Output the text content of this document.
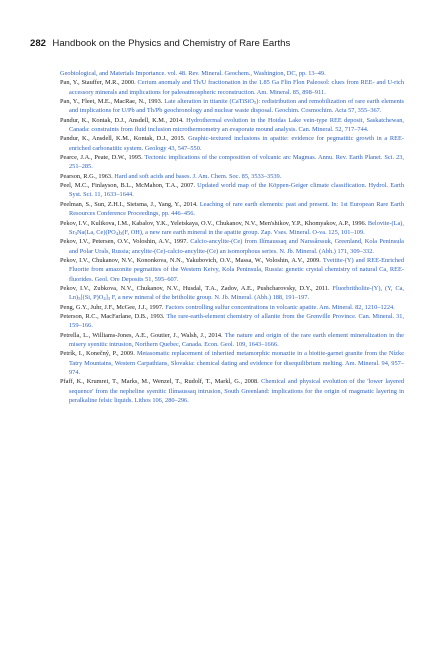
282 Handbook on the Physics and Chemistry of Rare Earths

Geobiological, and Materials Importance. vol. 48. Rev. Mineral. Geochem., Washington, DC, pp. 13–49.

Pan, Y., Stauffer, M.R., 2000. Cerium anomaly and Th/U fractionation in the 1.85 Ga Flin Flon Paleosol: clues from REE- and U-rich accessory minerals and implications for paleoatmospheric reconstruction. Am. Mineral. 85, 898–911.

Pan, Y., Fleet, M.E., MacRae, N., 1993. Late alteration in titanite (CaTiSiO$_5$): redistribution and remobilization of rare earth elements and implications for U/Pb and Th/Pb geochronology and nuclear waste disposal. Geochim. Cosmochim. Acta 57, 355–367.

Pandur, K., Kontak, D.J., Ansdell, K.M., 2014. Hydrothermal evolution in the Hoidas Lake vein-type REE deposit, Saskatchewan, Canada: constraints from fluid inclusion microthermometry an evaporate mound analysis. Can. Mineral. 52, 717–744.

Pandur, K., Ansdell, K.M., Kontak, D.J., 2015. Graphic-textured inclusions in apatite: evidence for pegmatitic growth in a REE-enriched carbonatitic system. Geology 43, 547–550.

Pearce, J.A., Peate, D.W., 1995. Tectonic implications of the composition of volcanic arc Magmas. Annu. Rev. Earth Planet. Sci. 23, 251–285.

Pearson, R.G., 1963. Hard and soft acids and bases. J. Am. Chem. Soc. 85, 3533–3539.

Peel, M.C., Finlayson, B.L., McMahon, T.A., 2007. Updated world map of the Köppen-Geiger climate classification. Hydrol. Earth Syst. Sci. 11, 1633–1644.

Peelman, S., Sun, Z.H.I., Sietsma, J., Yang, Y., 2014. Leaching of rare earth elements: past and present. In: 1st European Rare Earth Resources Conference Proceedings, pp. 446–456.

Pekov, I.V., Kulikova, I.M., Kabalov, Y.K., Yeletskaya, O.V., Chukanov, N.V., Men'shikov, Y.P., Khomyakov, A.P., 1996. Belovite-(La), $Sr_3Na(La$, $Ce)(PO_4)_3(F$, OH), a new rare earth mineral in the apatite group. Zap. Vses. Mineral. O-va. 125, 101–109.

Pekov, I.V., Petersen, O.V., Voloshin, A.V., 1997. Calcio-ancylite-(Ce) from Ilímaussaq and Narssârssuk, Greenland, Kola Peninsula and Polar Urals, Russia; ancylite-(Ce)-calcio-ancylite-(Ce) an isomorphous series. N. Jb. Mineral. (Abh.) 171, 309–332.

Pekov, I.V., Chukanov, N.V., Kononkova, N.N., Yakubovich, O.V., Massa, W., Voloshin, A.V., 2009. Tveitite-(Y) and REE-Enriched Fluorite from amazonite pegmatites of the Western Keivy, Kola Peninsula, Russia: genetic crystal chemistry of natural Ca, REE-fluorides. Geol. Ore Deposits 51, 595–607.

Pekov, I.V., Zubkova, N.V., Chukanov, N.V., Husdal, T.A., Zadov, A.E., Pushcharovsky, D.Y., 2011. Fluorbritholite-(Y), (Y, Ca, $Ln)_5[(Si$, $P)O_4]_3$ F, a new mineral of the britholite group. N. Jb. Mineral. (Abh.) 188, 191–197.

Peng, G.Y., Juhr, J.F., McGee, J.J., 1997. Factors controlling sulfur concentrations in volcanic apatite. Am. Mineral. 82, 1210–1224.

Peterson, R.C., MacFarlane, D.B., 1993. The rare-earth-element chemistry of allanite from the Grenville Province. Can. Mineral. 31, 159–166.

Petrella, L., Williams-Jones, A.E., Goutier, J., Walsh, J., 2014. The nature and origin of the rare earth element mineralization in the misery syenitic intrusion, Northern Quebec, Canada. Econ. Geol. 109, 1643–1666.

Petrík, I., Konečný, P., 2009. Metasomatic replacement of inherited metamorphic monazite in a biotite-garnet granite from the Nízke Tatry Mountains, Western Carpathians, Slovakia: chemical dating and evidence for disequilibrium melting. Am. Mineral. 94, 957–974.

Pfaff, K., Krumrei, T., Marks, M., Wenzel, T., Rudolf, T., Markl, G., 2008. Chemical and physical evolution of the 'lower layered sequence' from the nepheline syenitic Ilímaussaq intrusion, South Greenland: implications for the origin of magmatic layering in peralkaline felsic liquids. Lithos 106, 280–296.
